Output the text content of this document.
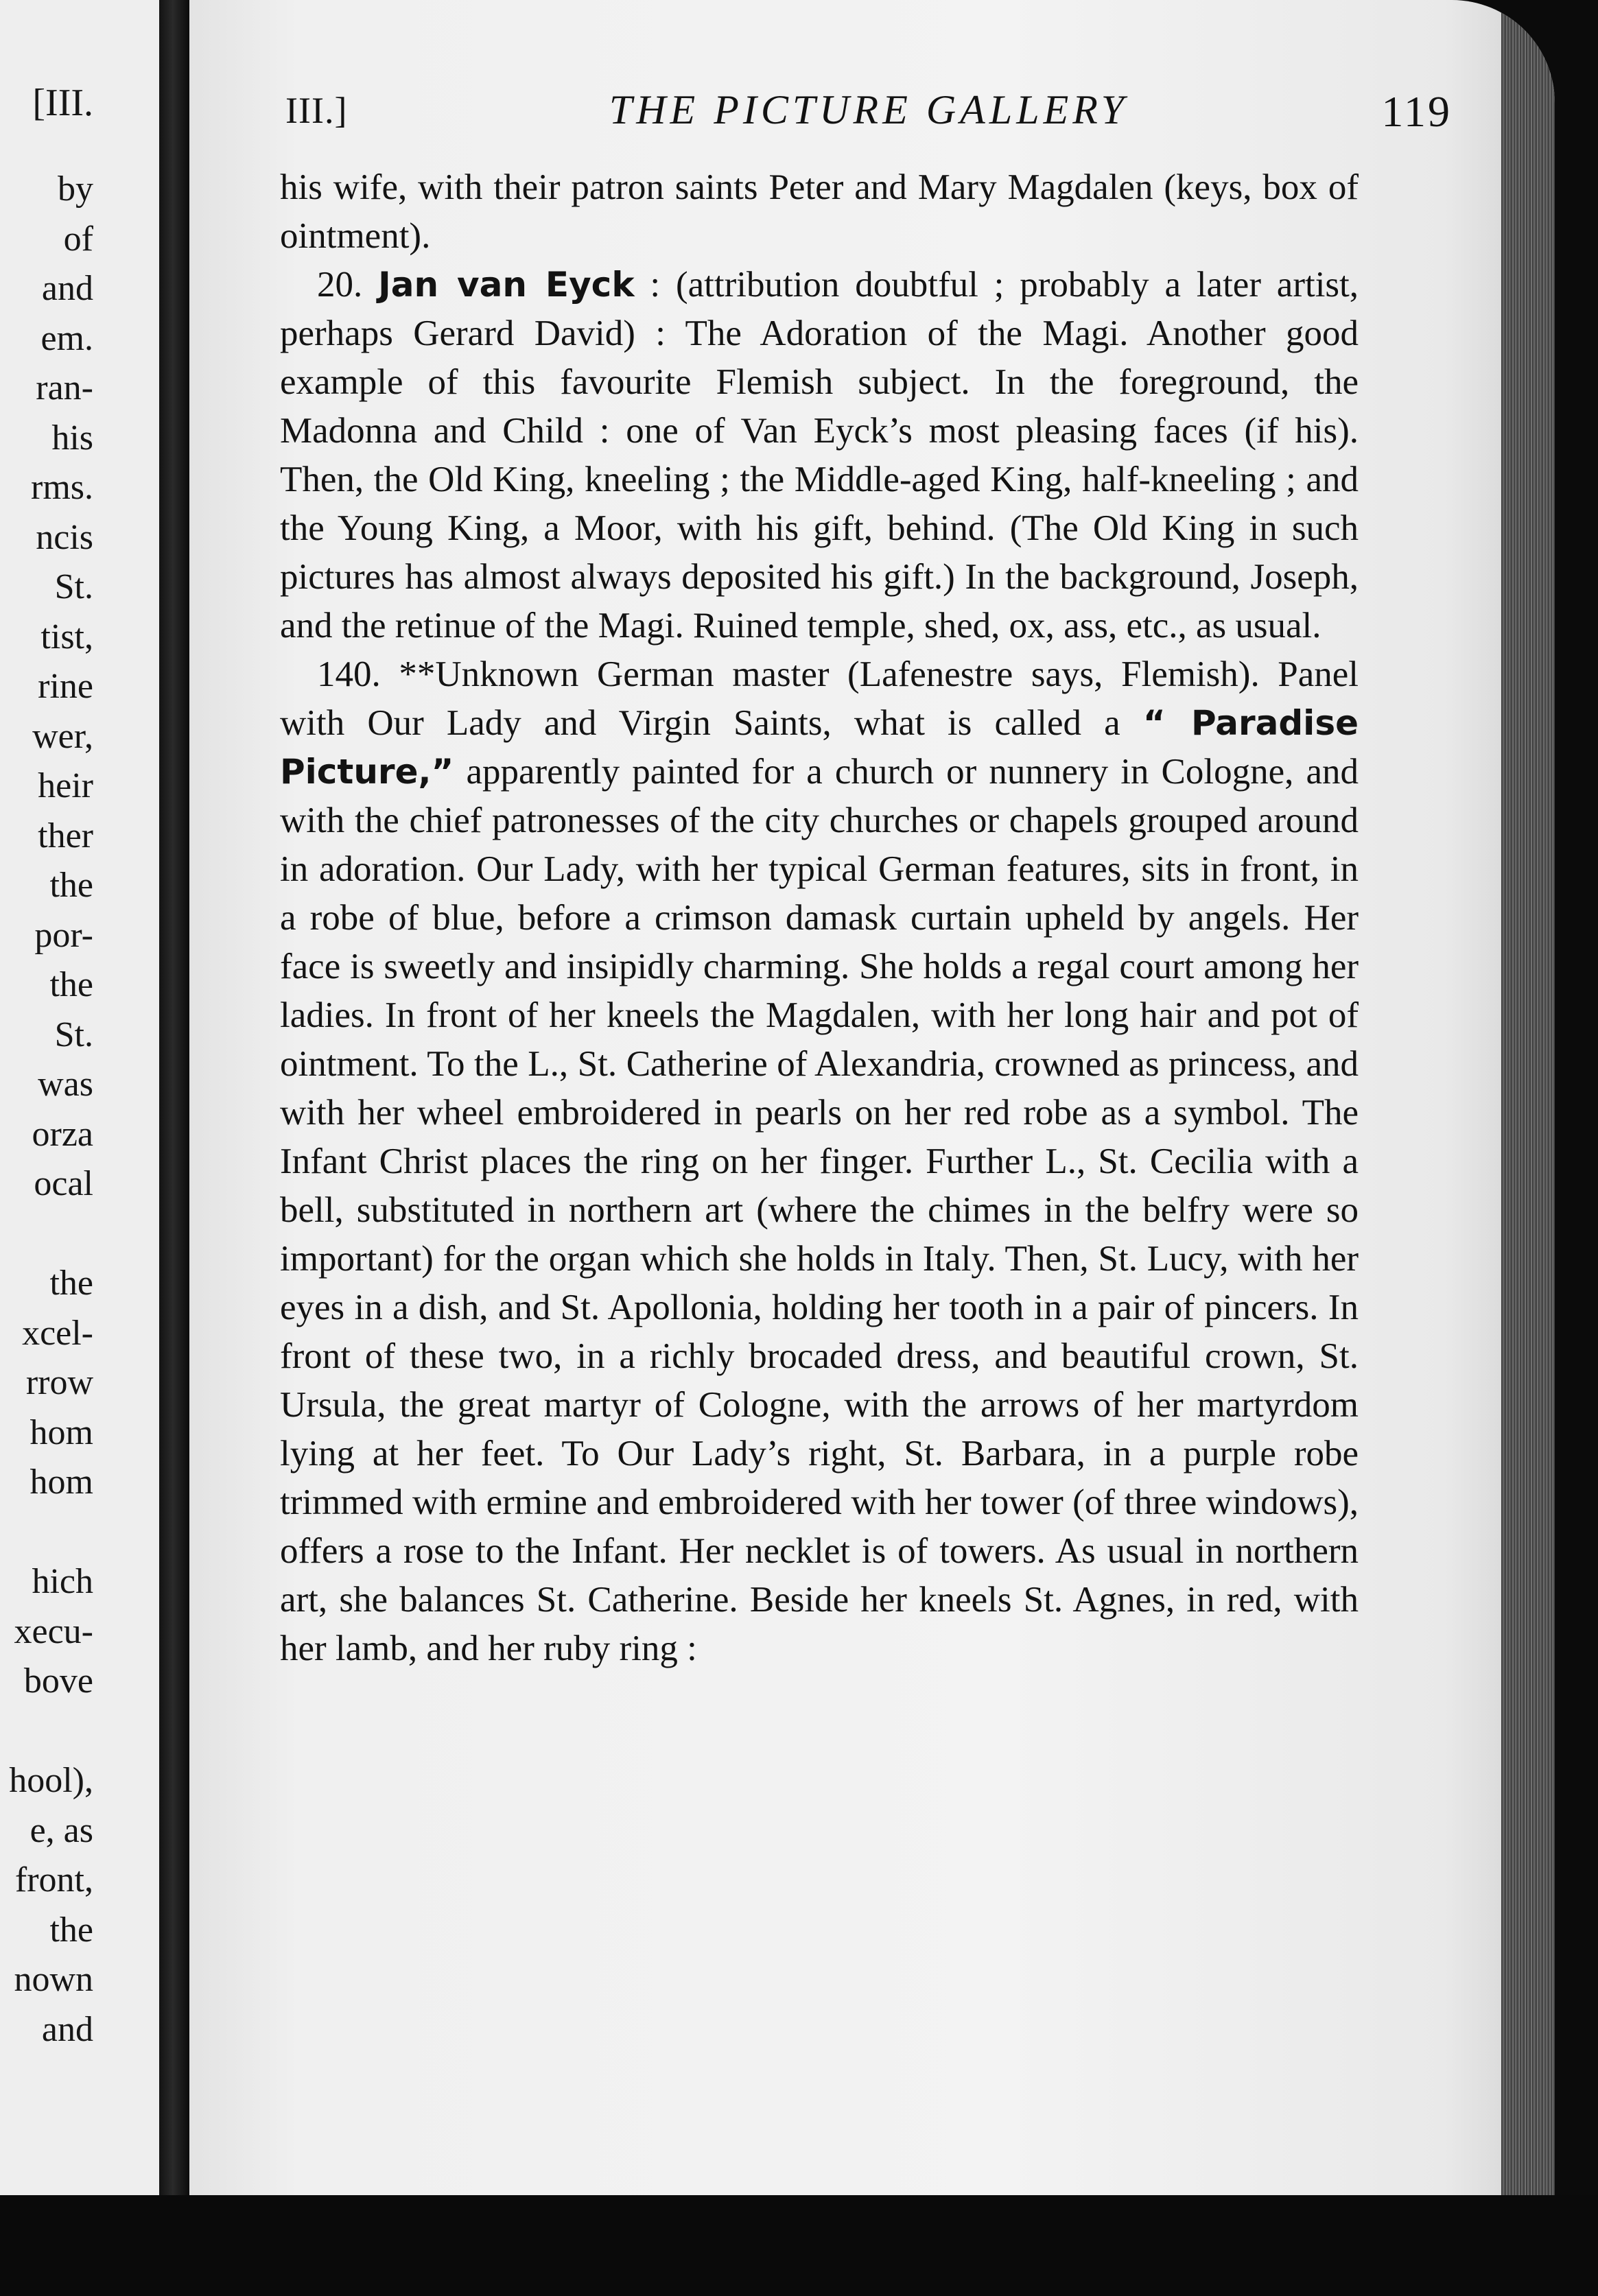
[III.
by
of
and
em.
ran-
his
rms.
ncis
St.
tist,
rine
wer,
heir
ther
the
por-
the
St.
was
orza
ocal

the
xcel-
rrow
hom
hom

hich
xecu-
bove

hool),
e, as
front,
the
nown
and
III.]	THE PICTURE GALLERY	119

his wife, with their patron saints Peter and Mary Magdalen (keys, box of ointment).

20. Jan van Eyck : (attribution doubtful ; probably a later artist, perhaps Gerard David) : The Adoration of the Magi. Another good example of this favourite Flemish subject. In the foreground, the Madonna and Child : one of Van Eyck’s most pleasing faces (if his). Then, the Old King, kneeling ; the Middle-aged King, half-kneeling ; and the Young King, a Moor, with his gift, behind. (The Old King in such pictures has almost always deposited his gift.) In the background, Joseph, and the retinue of the Magi. Ruined temple, shed, ox, ass, etc., as usual.

140. **Unknown German master (Lafenestre says, Flemish). Panel with Our Lady and Virgin Saints, what is called a “ Paradise Picture,” apparently painted for a church or nunnery in Cologne, and with the chief patronesses of the city churches or chapels grouped around in adoration. Our Lady, with her typical German features, sits in front, in a robe of blue, before a crimson damask curtain upheld by angels. Her face is sweetly and insipidly charming. She holds a regal court among her ladies. In front of her kneels the Magdalen, with her long hair and pot of ointment. To the L., St. Catherine of Alexandria, crowned as princess, and with her wheel embroidered in pearls on her red robe as a symbol. The Infant Christ places the ring on her finger. Further L., St. Cecilia with a bell, substituted in northern art (where the chimes in the belfry were so important) for the organ which she holds in Italy. Then, St. Lucy, with her eyes in a dish, and St. Apollonia, holding her tooth in a pair of pincers. In front of these two, in a richly brocaded dress, and beautiful crown, St. Ursula, the great martyr of Cologne, with the arrows of her martyrdom lying at her feet. To Our Lady’s right, St. Barbara, in a purple robe trimmed with ermine and embroidered with her tower (of three windows), offers a rose to the Infant. Her necklet is of towers. As usual in northern art, she balances St. Catherine. Beside her kneels St. Agnes, in red, with her lamb, and her ruby ring :
